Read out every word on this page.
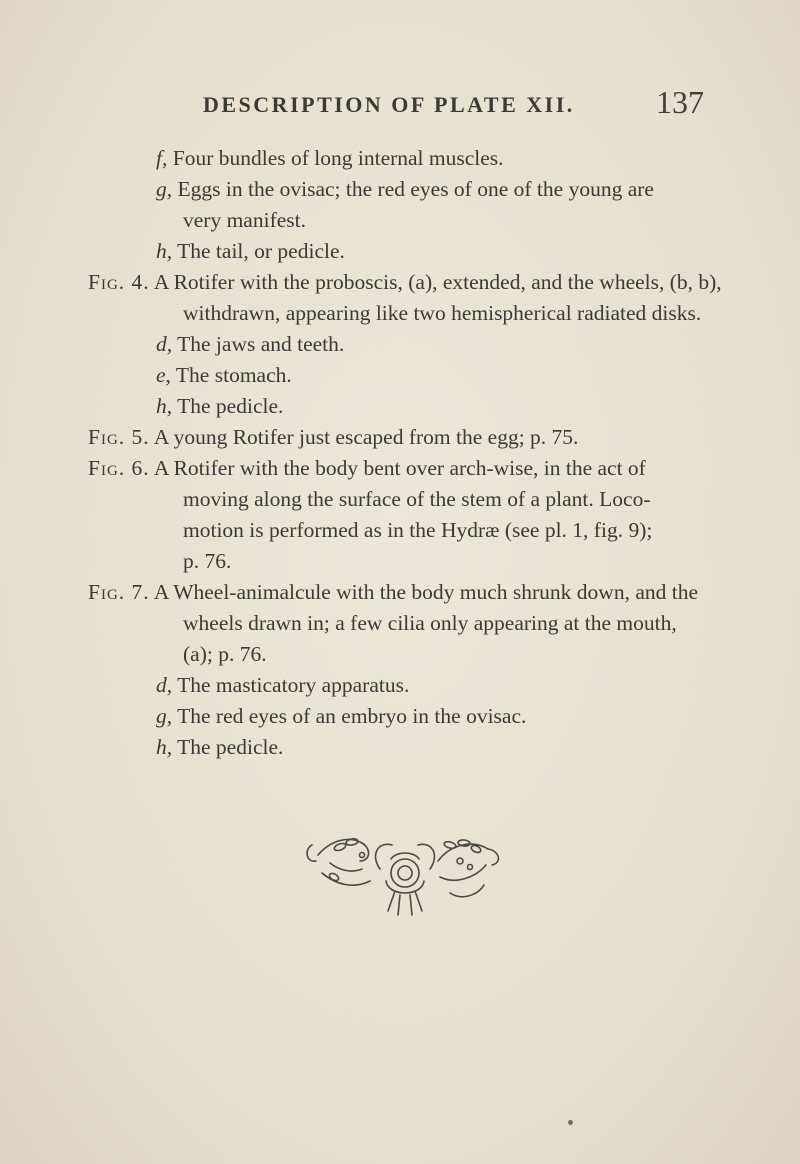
DESCRIPTION OF PLATE XII.	137
f, Four bundles of long internal muscles.
g, Eggs in the ovisac; the red eyes of one of the young are
very manifest.
h, The tail, or pedicle.
Fig. 4. A Rotifer with the proboscis, (a), extended, and the wheels, (b, b),
withdrawn, appearing like two hemispherical radiated disks.
d, The jaws and teeth.
e, The stomach.
h, The pedicle.
Fig. 5. A young Rotifer just escaped from the egg; p. 75.
Fig. 6. A Rotifer with the body bent over arch-wise, in the act of
moving along the surface of the stem of a plant. Loco-
motion is performed as in the Hydræ (see pl. 1, fig. 9);
p. 76.
Fig. 7. A Wheel-animalcule with the body much shrunk down, and the
wheels drawn in; a few cilia only appearing at the mouth,
(a); p. 76.
d, The masticatory apparatus.
g, The red eyes of an embryo in the ovisac.
h, The pedicle.
